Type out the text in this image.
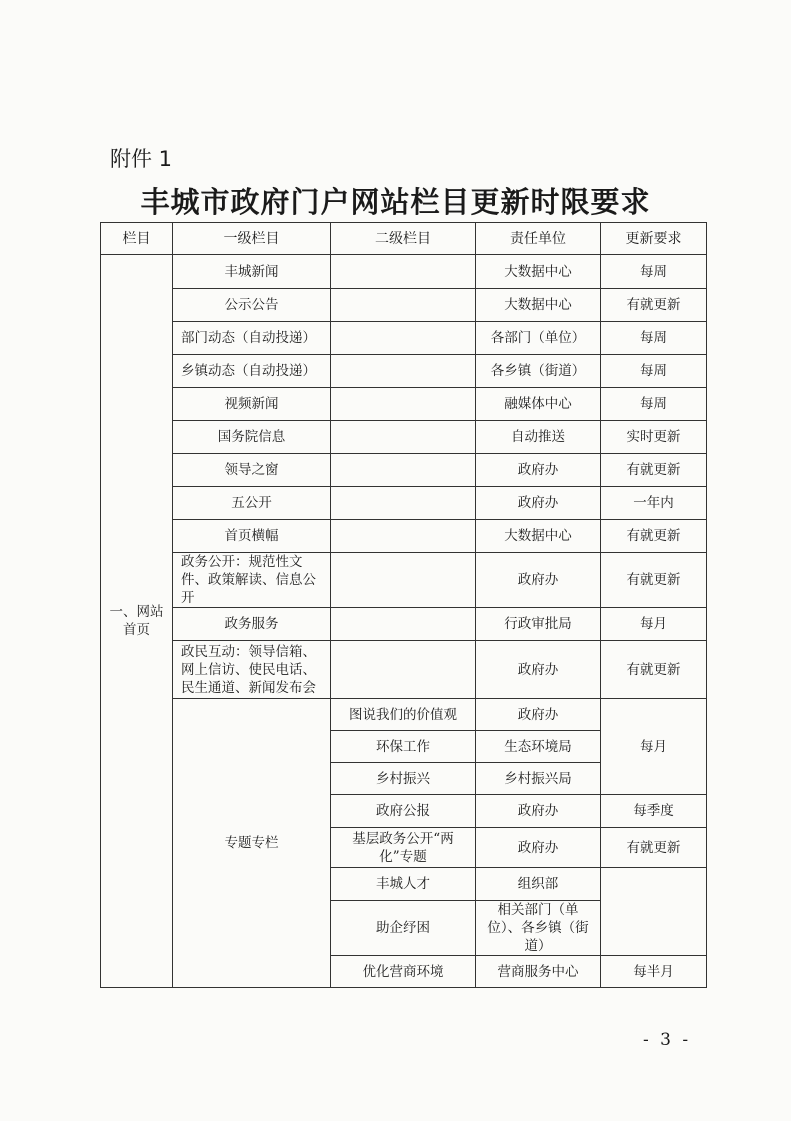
附件 1
丰城市政府门户网站栏目更新时限要求
栏目	一级栏目	二级栏目	责任单位	更新要求
一、网站首页	丰城新闻		大数据中心	每周
	公示公告		大数据中心	有就更新
	部门动态（自动投递）		各部门（单位）	每周
	乡镇动态（自动投递）		各乡镇（街道）	每周
	视频新闻		融媒体中心	每周
	国务院信息		自动推送	实时更新
	领导之窗		政府办	有就更新
	五公开		政府办	一年内
	首页横幅		大数据中心	有就更新
	政务公开：规范性文件、政策解读、信息公开		政府办	有就更新
	政务服务		行政审批局	每月
	政民互动：领导信箱、网上信访、使民电话、民生通道、新闻发布会		政府办	有就更新
	专题专栏	图说我们的价值观	政府办	每月
		环保工作	生态环境局	
		乡村振兴	乡村振兴局	
		政府公报	政府办	每季度
		基层政务公开“两化”专题	政府办	有就更新
		丰城人才	组织部	
		助企纾困	相关部门（单位）、各乡镇（街道）	
		优化营商环境	营商服务中心	每半月
- 3 -
